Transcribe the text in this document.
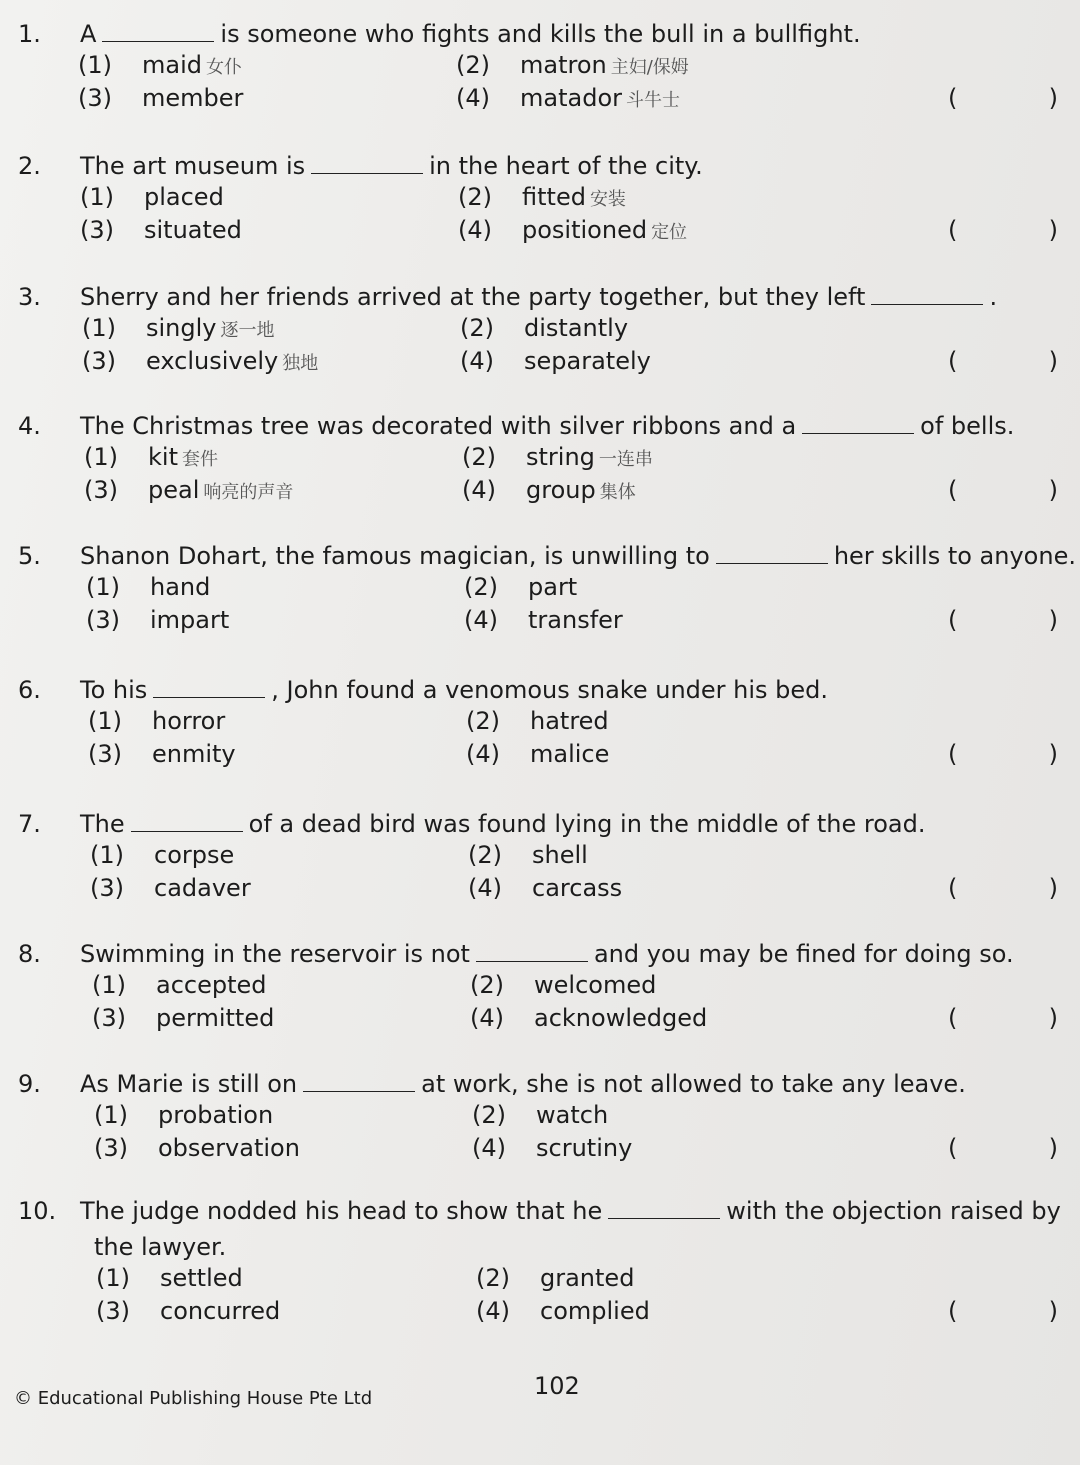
1. A	is someone who fights and kills the bull in a bullfight.
(1) maid 女仆	(2) matron 主妇/保姆
(3) member	(4) matador 斗牛士	(	)
2. The art museum is	in the heart of the city.
(1) placed	(2) fitted 安装
(3) situated	(4) positioned 定位	(	)
3. Sherry and her friends arrived at the party together, but they left	.
(1) singly 逐一地	(2) distantly
(3) exclusively 独地	(4) separately	(	)
4. The Christmas tree was decorated with silver ribbons and a	of bells.
(1) kit 套件	(2) string 一连串
(3) peal 响亮的声音	(4) group 集体	(	)
5. Shanon Dohart, the famous magician, is unwilling to	her skills to anyone.
(1) hand	(2) part
(3) impart	(4) transfer	(	)
6. To his	, John found a venomous snake under his bed.
(1) horror	(2) hatred
(3) enmity	(4) malice	(	)
7. The	of a dead bird was found lying in the middle of the road.
(1) corpse	(2) shell
(3) cadaver	(4) carcass	(	)
8. Swimming in the reservoir is not	and you may be fined for doing so.
(1) accepted	(2) welcomed
(3) permitted	(4) acknowledged	(	)
9. As Marie is still on	at work, she is not allowed to take any leave.
(1) probation	(2) watch
(3) observation	(4) scrutiny	(	)
10. The judge nodded his head to show that he	with the objection raised by
the lawyer.
(1) settled	(2) granted
(3) concurred	(4) complied	(	)
102
© Educational Publishing House Pte Ltd
